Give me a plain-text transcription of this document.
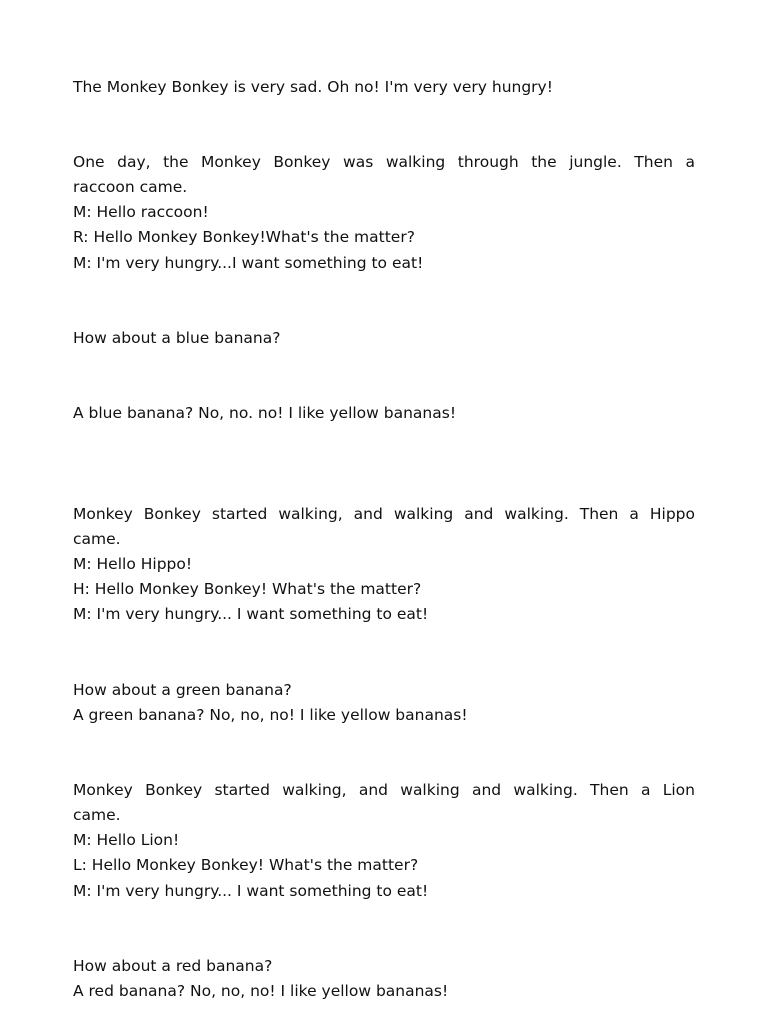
The Monkey Bonkey is very sad. Oh no! I'm very very hungry!
One day, the Monkey Bonkey was walking through the jungle. Then a
raccoon came.
M: Hello raccoon!
R: Hello Monkey Bonkey!What's the matter?
M: I'm very hungry...I want something to eat!
How about a blue banana?
A blue banana? No, no. no! I like yellow bananas!
Monkey Bonkey started walking, and walking and walking. Then a Hippo
came.
M: Hello Hippo!
H: Hello Monkey Bonkey! What's the matter?
M: I'm very hungry... I want something to eat!
How about a green banana?
A green banana? No, no, no! I like yellow bananas!
Monkey Bonkey started walking, and walking and walking. Then a Lion
came.
M: Hello Lion!
L: Hello Monkey Bonkey! What's the matter?
M: I'm very hungry... I want something to eat!
How about a red banana?
A red banana? No, no, no! I like yellow bananas!
